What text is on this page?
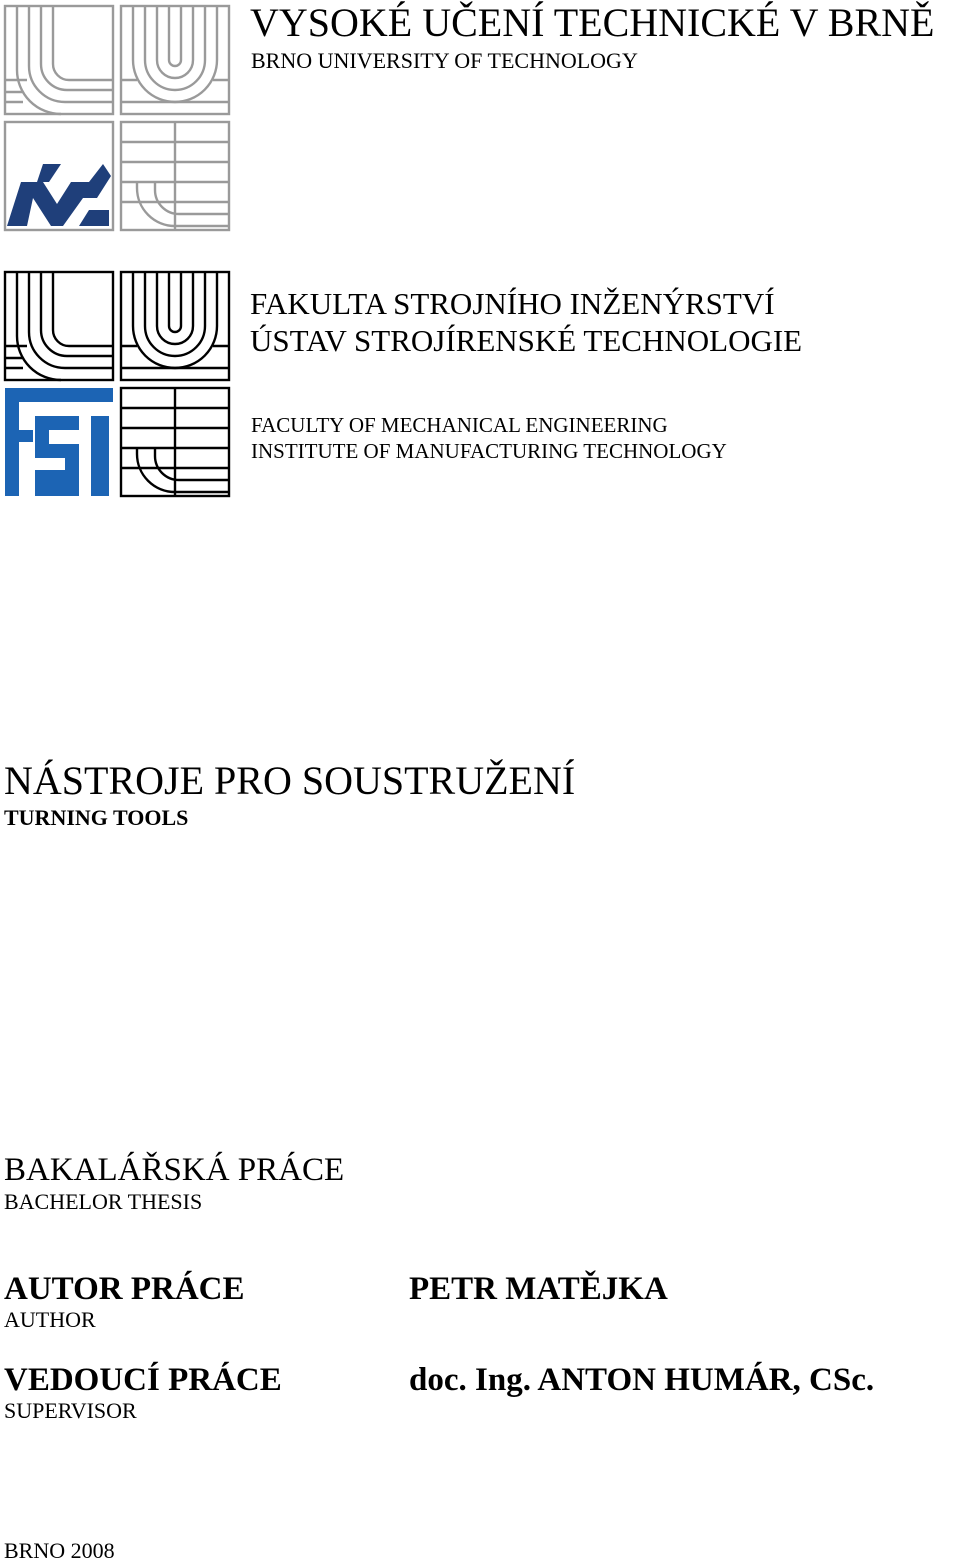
VYSOKÉ UČENÍ TECHNICKÉ V BRNĚ
BRNO UNIVERSITY OF TECHNOLOGY
FAKULTA STROJNÍHO INŽENÝRSTVÍ
ÚSTAV STROJÍRENSKÉ TECHNOLOGIE
FACULTY OF MECHANICAL ENGINEERING
INSTITUTE OF MANUFACTURING TECHNOLOGY
NÁSTROJE PRO SOUSTRUŽENÍ
TURNING TOOLS
BAKALÁŘSKÁ PRÁCE
BACHELOR THESIS
AUTOR PRÁCE
AUTHOR
PETR MATĚJKA
VEDOUCÍ PRÁCE
SUPERVISOR
doc. Ing. ANTON HUMÁR, CSc.
BRNO 2008
